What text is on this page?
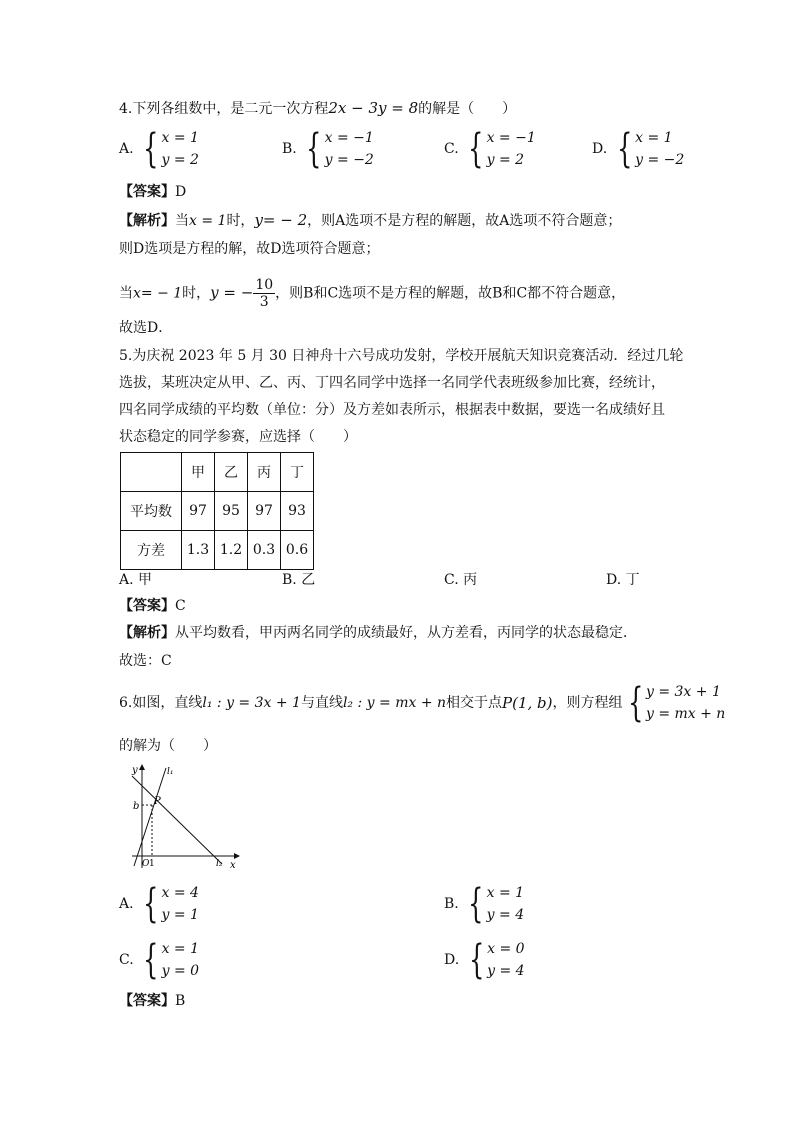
4.下列各组数中，是二元一次方程2x − 3y = 8的解是（　　）
A. { x = 1
y = 2
B. { x = −1
y = −2
C. { x = −1
y = 2
D. { x = 1
y = −2
【答案】D
【解析】当x = 1时，y= − 2，则A选项不是方程的解题，故A选项不符合题意；
则D选项是方程的解，故D选项符合题意；
当x= − 1时，y = − $\frac{10}{3}$ ，则B和C选项不是方程的解题，故B和C都不符合题意，
故选D．
5.为庆祝 2023 年 5 月 30 日神舟十六号成功发射，学校开展航天知识竞赛活动．经过几轮
选拔，某班决定从甲、乙、丙、丁四名同学中选择一名同学代表班级参加比赛，经统计，
四名同学成绩的平均数（单位：分）及方差如表所示，根据表中数据，要选一名成绩好且
状态稳定的同学参赛，应选择（　　）
	甲	乙	丙	丁
平均数	97	95	97	93
方差	1.3	1.2	0.3	0.6
A. 甲	B. 乙	C. 丙	D. 丁
【答案】C
【解析】从平均数看，甲丙两名同学的成绩最好，从方差看，丙同学的状态最稳定．
故选：C
6.如图，直线 l₁ : y = 3x + 1 与直线 l₂ : y = mx + n 相交于点 P(1, b) ，则方程组 { y = 3x + 1
y = mx + n
的解为（　　）
y
x
l₁
l₂
b P
O 1
A. { x = 4
y = 1
B. { x = 1
y = 4
C. { x = 1
y = 0
D. { x = 0
y = 4
【答案】B
